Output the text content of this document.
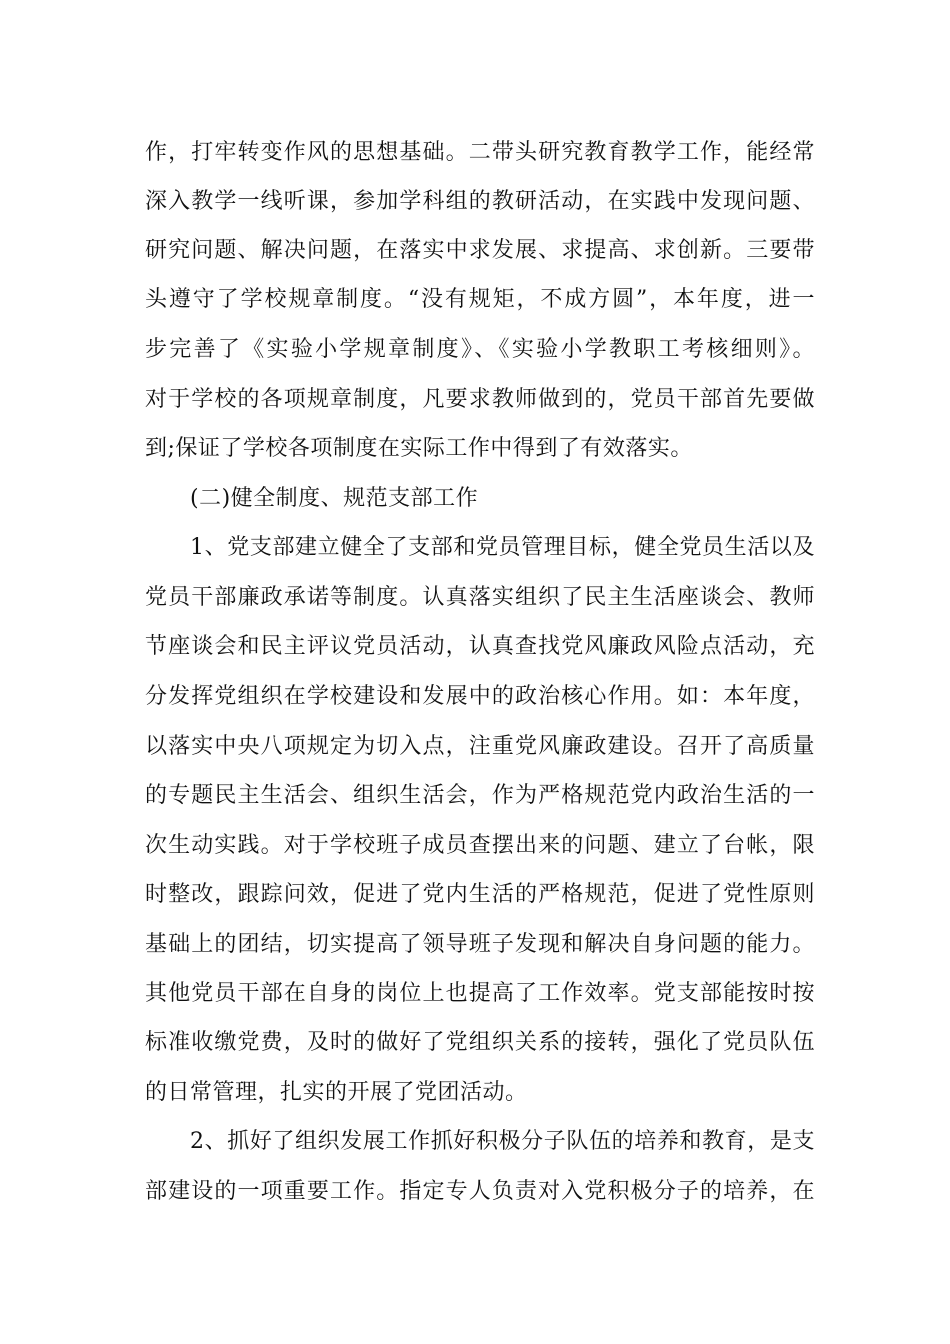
作，打牢转变作风的思想基础。二带头研究教育教学工作，能经常
深入教学一线听课，参加学科组的教研活动，在实践中发现问题、
研究问题、解决问题，在落实中求发展、求提高、求创新。三要带
头遵守了学校规章制度。“没有规矩，不成方圆”，本年度，进一
步完善了《实验小学规章制度》、《实验小学教职工考核细则》。
对于学校的各项规章制度，凡要求教师做到的，党员干部首先要做
到;保证了学校各项制度在实际工作中得到了有效落实。
(二)健全制度、规范支部工作
1、党支部建立健全了支部和党员管理目标，健全党员生活以及
党员干部廉政承诺等制度。认真落实组织了民主生活座谈会、教师
节座谈会和民主评议党员活动，认真查找党风廉政风险点活动，充
分发挥党组织在学校建设和发展中的政治核心作用。如：本年度，
以落实中央八项规定为切入点，注重党风廉政建设。召开了高质量
的专题民主生活会、组织生活会，作为严格规范党内政治生活的一
次生动实践。对于学校班子成员查摆出来的问题、建立了台帐，限
时整改，跟踪问效，促进了党内生活的严格规范，促进了党性原则
基础上的团结，切实提高了领导班子发现和解决自身问题的能力。
其他党员干部在自身的岗位上也提高了工作效率。党支部能按时按
标准收缴党费，及时的做好了党组织关系的接转，强化了党员队伍
的日常管理，扎实的开展了党团活动。
2、抓好了组织发展工作抓好积极分子队伍的培养和教育，是支
部建设的一项重要工作。指定专人负责对入党积极分子的培养，在
